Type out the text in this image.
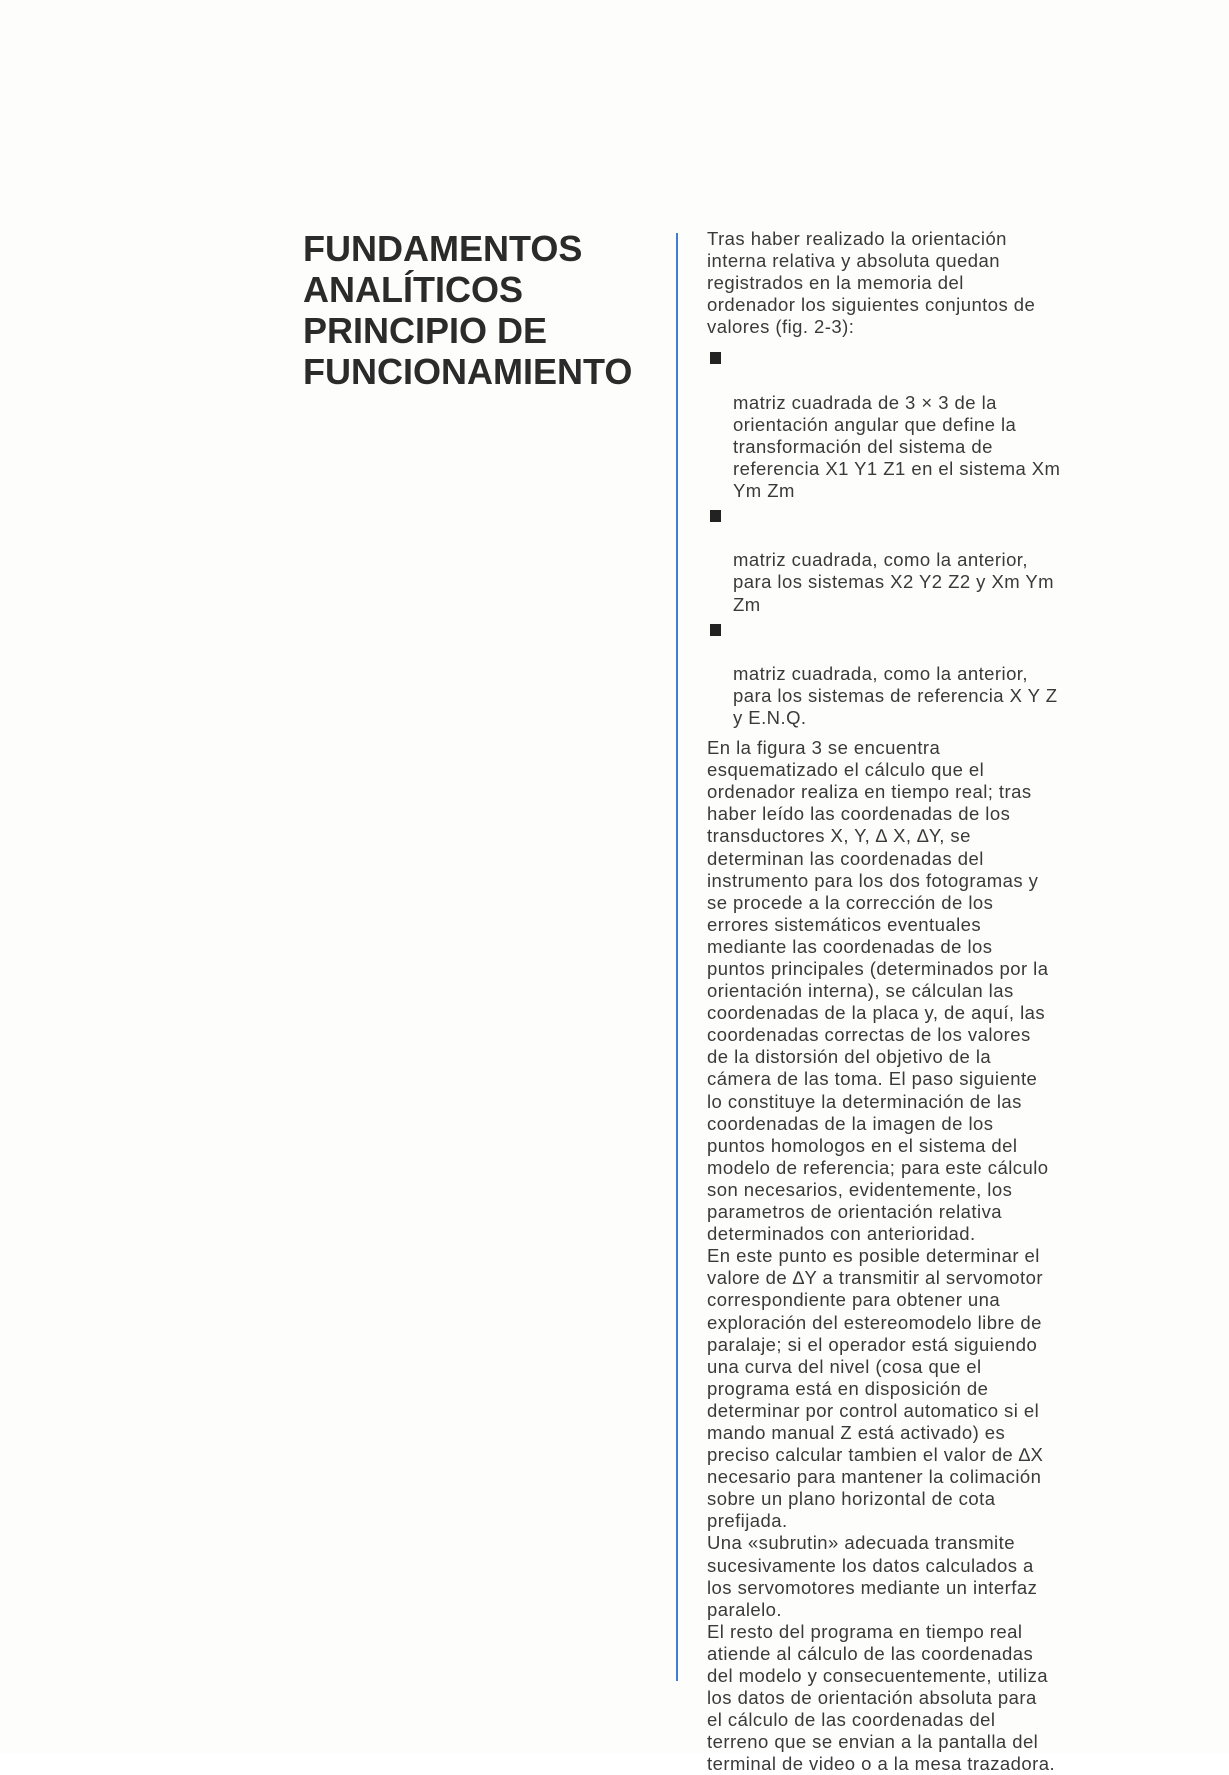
FUNDAMENTOS
ANALÍTICOS
PRINCIPIO DE
FUNCIONAMIENTO

Tras haber realizado la orientación
interna relativa y absoluta quedan
registrados en la memoria del
ordenador los siguientes conjuntos de
valores (fig. 2-3):

matriz cuadrada de 3 × 3 de la
orientación angular que define la
transformación del sistema de
referencia X1 Y1 Z1 en el sistema Xm
Ym Zm

matriz cuadrada, como la anterior,
para los sistemas X2 Y2 Z2 y Xm Ym
Zm

matriz cuadrada, como la anterior,
para los sistemas de referencia X Y Z
y E.N.Q.

En la figura 3 se encuentra
esquematizado el cálculo que el
ordenador realiza en tiempo real; tras
haber leído las coordenadas de los
transductores X, Y, ∆ X, ∆Y, se
determinan las coordenadas del
instrumento para los dos fotogramas y
se procede a la corrección de los
errores sistemáticos eventuales
mediante las coordenadas de los
puntos principales (determinados por la
orientación interna), se cálculan las
coordenadas de la placa y, de aquí, las
coordenadas correctas de los valores
de la distorsión del objetivo de la
cámera de las toma. El paso siguiente
lo constituye la determinación de las
coordenadas de la imagen de los
puntos homologos en el sistema del
modelo de referencia; para este cálculo
son necesarios, evidentemente, los
parametros de orientación relativa
determinados con anterioridad.

En este punto es posible determinar el
valore de ∆Y a transmitir al servomotor
correspondiente para obtener una
exploración del estereomodelo libre de
paralaje; si el operador está siguiendo
una curva del nivel (cosa que el
programa está en disposición de
determinar por control automatico si el
mando manual Z está activado) es
preciso calcular tambien el valor de ∆X
necesario para mantener la colimación
sobre un plano horizontal de cota
prefijada.

Una «subrutin» adecuada transmite
sucesivamente los datos calculados a
los servomotores mediante un interfaz
paralelo.

El resto del programa en tiempo real
atiende al cálculo de las coordenadas
del modelo y consecuentemente, utiliza
los datos de orientación absoluta para
el cálculo de las coordenadas del
terreno que se envian a la pantalla del
terminal de video o a la mesa trazadora.
